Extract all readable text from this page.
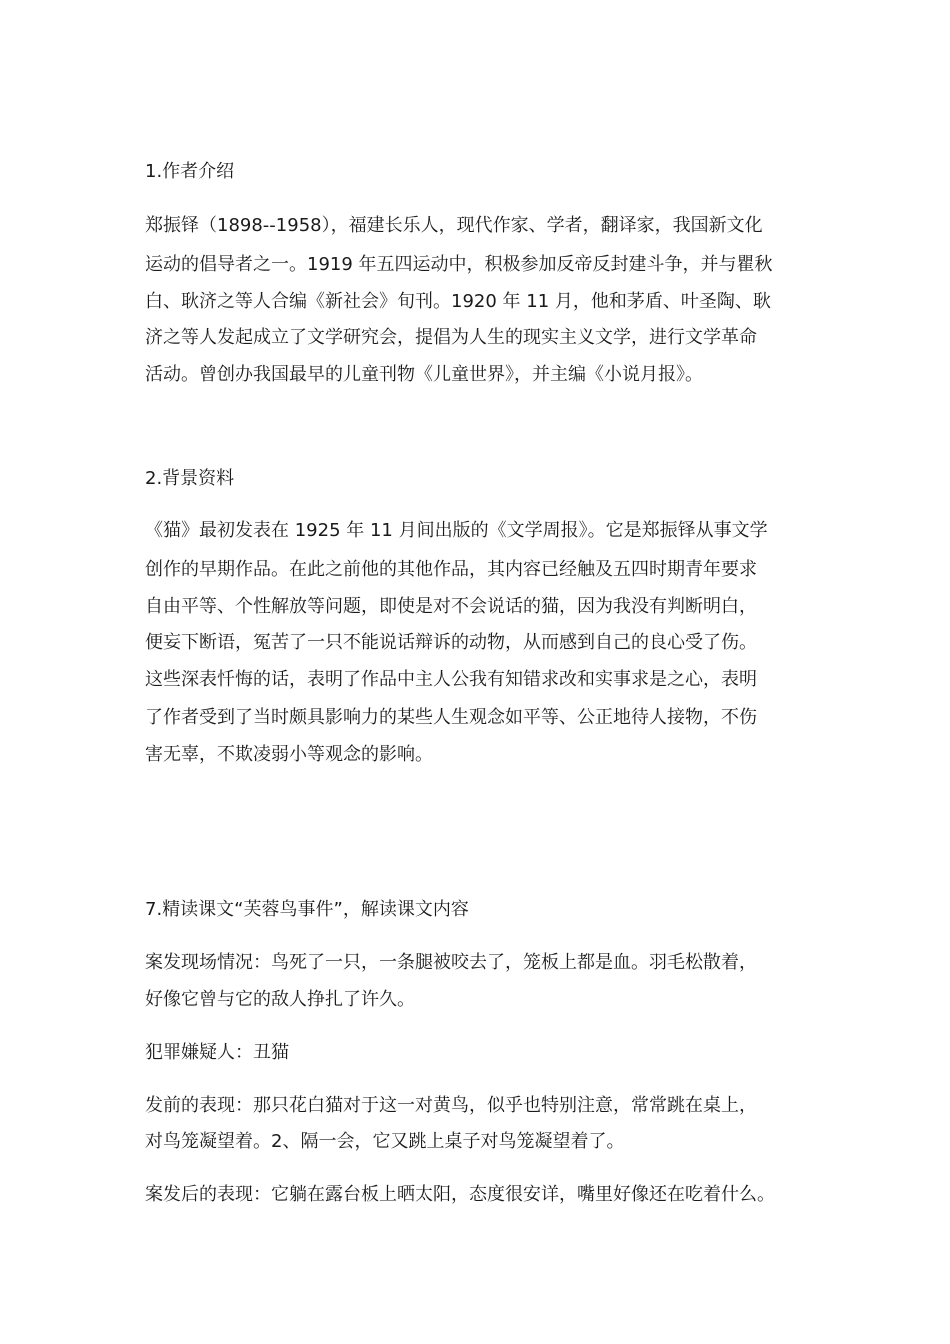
1.作者介绍
郑振铎（1898--1958），福建长乐人，现代作家、学者，翻译家，我国新文化
运动的倡导者之一。1919 年五四运动中，积极参加反帝反封建斗争，并与瞿秋
白、耿济之等人合编《新社会》旬刊。1920 年 11 月，他和茅盾、叶圣陶、耿
济之等人发起成立了文学研究会，提倡为人生的现实主义文学，进行文学革命
活动。曾创办我国最早的儿童刊物《儿童世界》，并主编《小说月报》。
2.背景资料
《猫》最初发表在 1925 年 11 月间出版的《文学周报》。它是郑振铎从事文学
创作的早期作品。在此之前他的其他作品，其内容已经触及五四时期青年要求
自由平等、个性解放等问题，即使是对不会说话的猫，因为我没有判断明白，
便妄下断语，冤苦了一只不能说话辩诉的动物，从而感到自己的良心受了伤。
这些深表忏悔的话，表明了作品中主人公我有知错求改和实事求是之心，表明
了作者受到了当时颇具影响力的某些人生观念如平等、公正地待人接物，不伤
害无辜，不欺凌弱小等观念的影响。
7.精读课文“芙蓉鸟事件”，解读课文内容
案发现场情况：鸟死了一只，一条腿被咬去了，笼板上都是血。羽毛松散着，
好像它曾与它的敌人挣扎了许久。
犯罪嫌疑人：丑猫
发前的表现：那只花白猫对于这一对黄鸟，似乎也特别注意，常常跳在桌上，
对鸟笼凝望着。2、隔一会，它又跳上桌子对鸟笼凝望着了。
案发后的表现：它躺在露台板上晒太阳，态度很安详，嘴里好像还在吃着什么。
